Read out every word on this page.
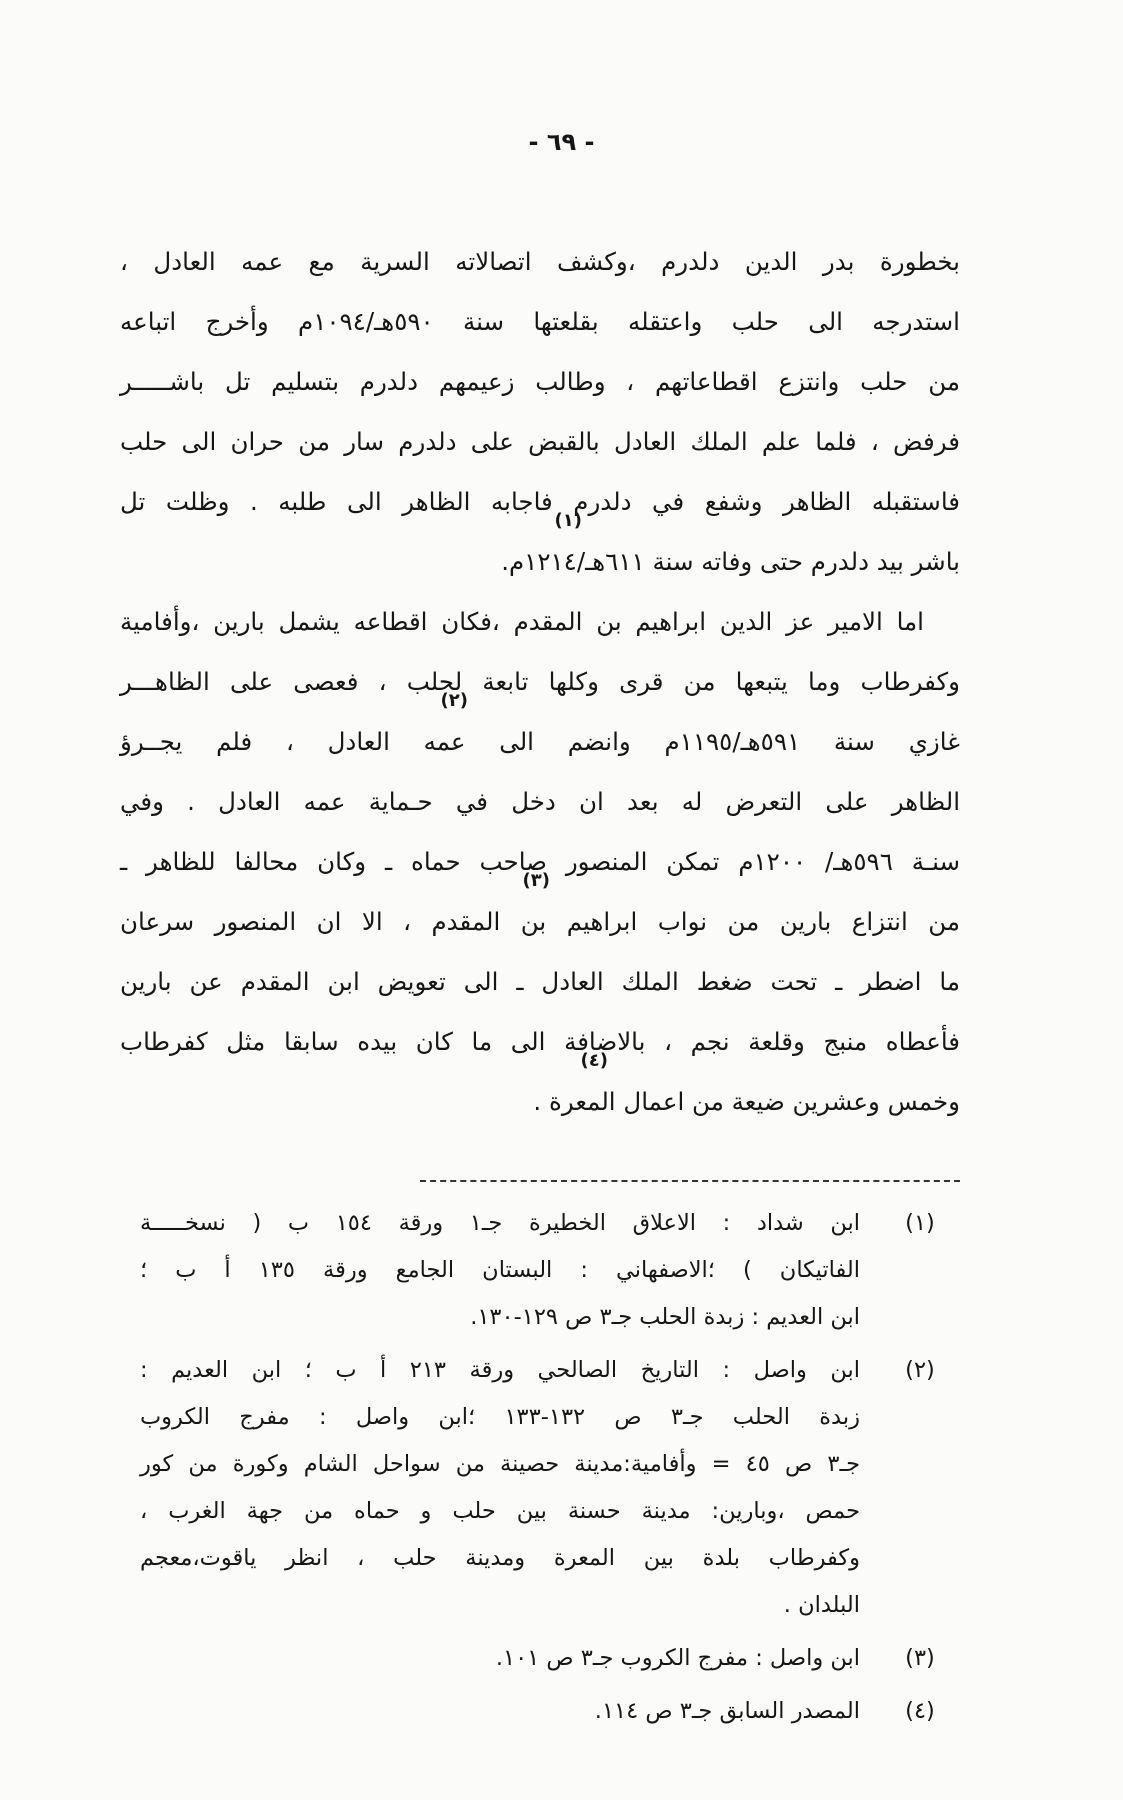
- ٦٩ -
بخطورة بدر الدين دلدرم ،وكشف اتصالاته السرية مع عمه العادل ،
استدرجه الى حلب واعتقله بقلعتها سنة ٥٩٠هـ/١٠٩٤م وأخرج اتباعه
من حلب وانتزع اقطاعاتهم ، وطالب زعيمهم دلدرم بتسليم تل باشـــــر
فرفض ، فلما علم الملك العادل بالقبض على دلدرم سار من حران الى حلب
فاستقبله الظاهر وشفع في دلدرم فاجابه الظاهر الى طلبه . وظلت تل
(١)
باشر بيد دلدرم حتى وفاته سنة ٦١١هـ/١٢١٤م.
اما الامير عز الدين ابراهيم بن المقدم ،فكان اقطاعه يشمل بارين ،وأفامية
وكفرطاب وما يتبعها من قرى وكلها تابعة لحلب ، فعصى على الظاهـــر
(٢)
غازي سنة ٥٩١هـ/١١٩٥م وانضم الى عمه العادل ، فلم يجــرؤ
الظاهر على التعرض له بعد ان دخل في حـماية عمه العادل . وفي
سنـة ٥٩٦هـ/ ١٢٠٠م تمكن المنصور صاحب حماه ـ وكان محالفا للظاهر ـ
(٣)
من انتزاع بارين من نواب ابراهيم بن المقدم ، الا ان المنصور سرعان
ما اضطر ـ تحت ضغط الملك العادل ـ الى تعويض ابن المقدم عن بارين
فأعطاه منبج وقلعة نجم ، بالاضافة الى ما كان بيده سابقا مثل كفرطاب
(٤)
وخمس وعشرين ضيعة من اعمال المعرة .
(١)
ابن شداد : الاعلاق الخطيرة جـ١ ورقة ١٥٤ ب ( نسخـــــة
الفاتيكان ) ؛الاصفهاني : البستان الجامع ورقة ١٣٥ أ ب ؛
ابن العديم : زبدة الحلب جـ٣ ص ١٢٩-١٣٠.
(٢)
ابن واصل : التاريخ الصالحي ورقة ٢١٣ أ ب ؛ ابن العديم :
زبدة الحلب جـ٣ ص ١٣٢-١٣٣ ؛ابن واصل : مفرج الكروب
جـ٣ ص ٤٥ = وأفامية:مدينة حصينة من سواحل الشام وكورة من كور
حمص ،وبارين: مدينة حسنة بين حلب و حماه من جهة الغرب ،
وكفرطاب بلدة بين المعرة ومدينة حلب ، انظر ياقوت،معجم
البلدان .
(٣)
ابن واصل : مفرج الكروب جـ٣ ص ١٠١.
(٤)
المصدر السابق جـ٣ ص ١١٤.
